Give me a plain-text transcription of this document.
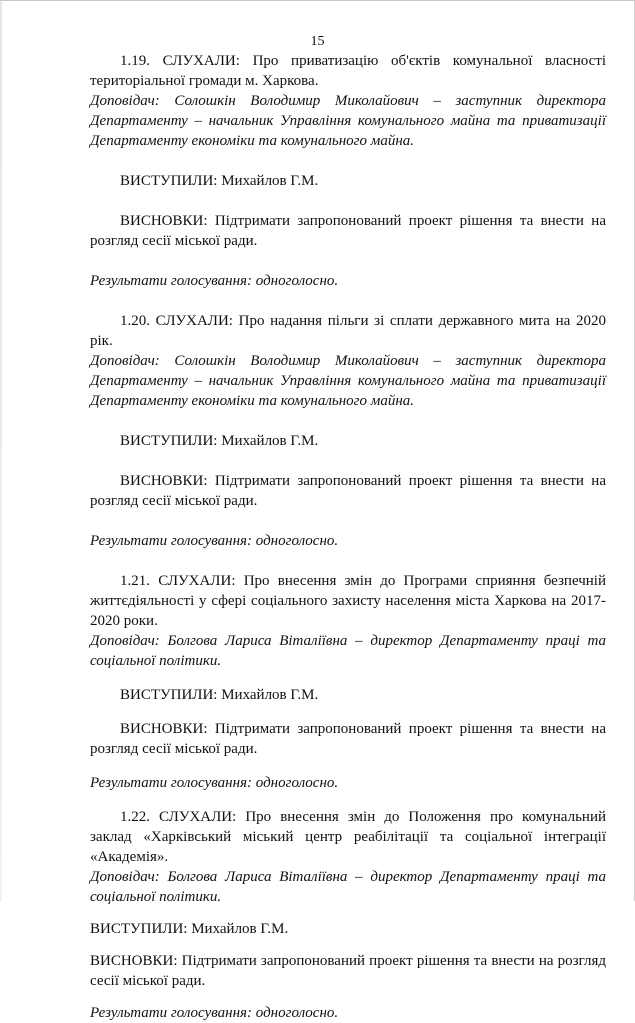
15

1.19. СЛУХАЛИ: Про приватизацію об'єктів комунальної власності територіальної громади м. Харкова.

Доповідач: Солошкін Володимир Миколайович – заступник директора Департаменту – начальник Управління комунального майна та приватизації Департаменту економіки та комунального майна.

ВИСТУПИЛИ: Михайлов Г.М.

ВИСНОВКИ: Підтримати запропонований проект рішення та внести на розгляд сесії міської ради.

Результати голосування: одноголосно.

1.20. СЛУХАЛИ: Про надання пільги зі сплати державного мита на 2020 рік.

Доповідач: Солошкін Володимир Миколайович – заступник директора Департаменту – начальник Управління комунального майна та приватизації Департаменту економіки та комунального майна.

ВИСТУПИЛИ: Михайлов Г.М.

ВИСНОВКИ: Підтримати запропонований проект рішення та внести на розгляд сесії міської ради.

Результати голосування: одноголосно.

1.21. СЛУХАЛИ: Про внесення змін до Програми сприяння безпечній життєдіяльності у сфері соціального захисту населення міста Харкова на 2017-2020 роки.

Доповідач: Болгова Лариса Віталіївна – директор Департаменту праці та соціальної політики.

ВИСТУПИЛИ: Михайлов Г.М.

ВИСНОВКИ: Підтримати запропонований проект рішення та внести на розгляд сесії міської ради.

Результати голосування: одноголосно.

1.22. СЛУХАЛИ: Про внесення змін до Положення про комунальний заклад «Харківський міський центр реабілітації та соціальної інтеграції «Академія».

Доповідач: Болгова Лариса Віталіївна – директор Департаменту праці та соціальної політики.

ВИСТУПИЛИ: Михайлов Г.М.

ВИСНОВКИ: Підтримати запропонований проект рішення та внести на розгляд сесії міської ради.

Результати голосування: одноголосно.
